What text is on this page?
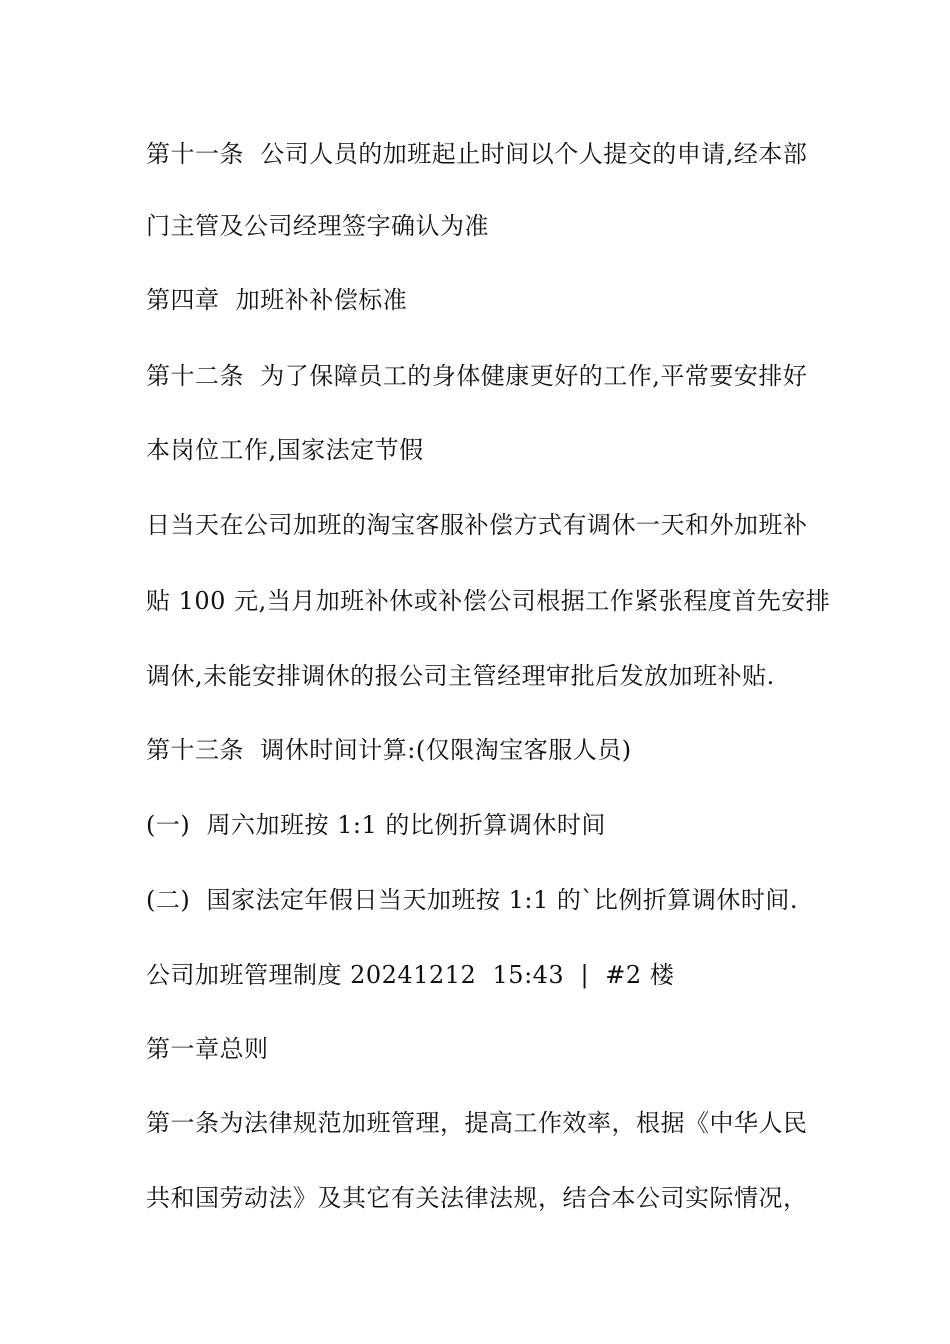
第十一条  公司人员的加班起止时间以个人提交的申请,经本部
门主管及公司经理签字确认为准
第四章  加班补补偿标准
第十二条  为了保障员工的身体健康更好的工作,平常要安排好
本岗位工作,国家法定节假
日当天在公司加班的淘宝客服补偿方式有调休一天和外加班补
贴 100 元,当月加班补休或补偿公司根据工作紧张程度首先安排
调休,未能安排调休的报公司主管经理审批后发放加班补贴.
第十三条  调休时间计算:(仅限淘宝客服人员)
(一)  周六加班按 1:1 的比例折算调休时间
(二)  国家法定年假日当天加班按 1:1 的`比例折算调休时间.
公司加班管理制度 20241212  15:43  |  #2 楼
第一章总则
第一条为法律规范加班管理，提高工作效率，根据《中华人民
共和国劳动法》及其它有关法律法规，结合本公司实际情况，
